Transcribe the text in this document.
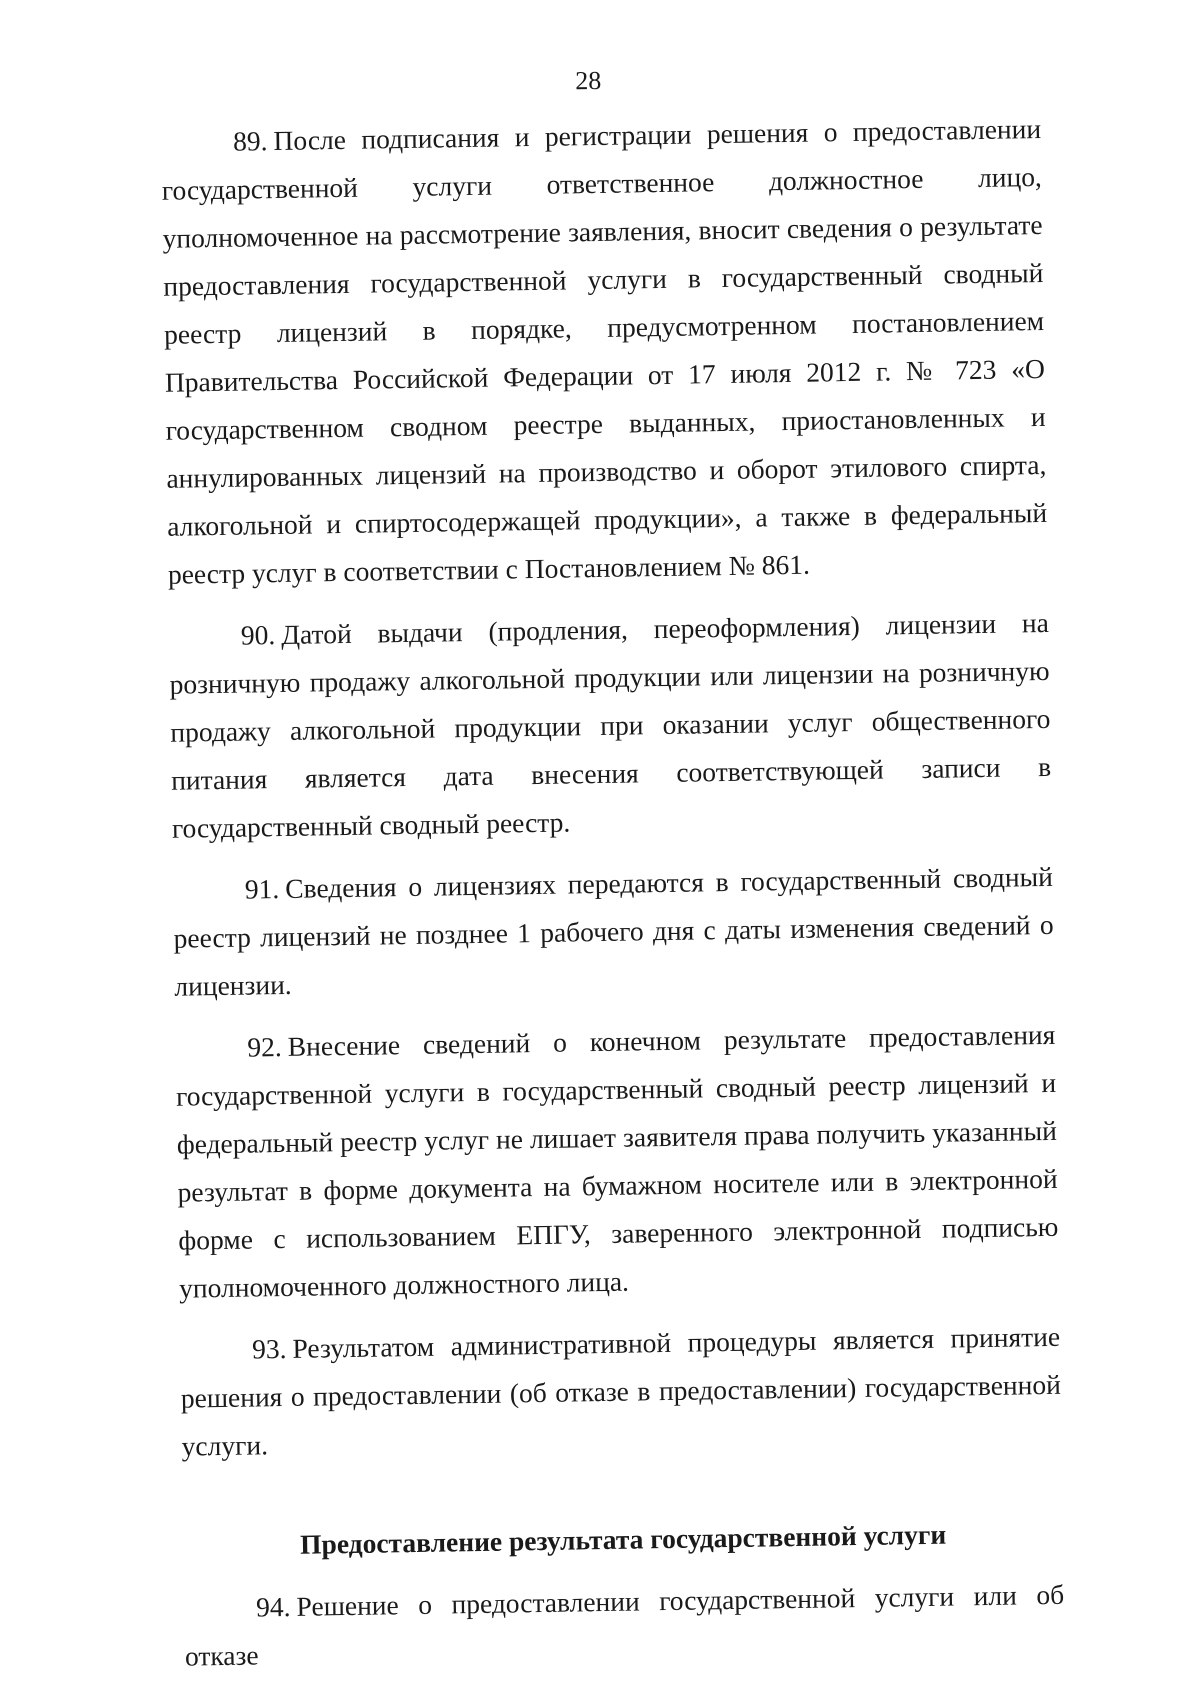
28

89. После подписания и регистрации решения о предоставлении государственной услуги ответственное должностное лицо, уполномоченное на рассмотрение заявления, вносит сведения о результате предоставления государственной услуги в государственный сводный реестр лицензий в порядке, предусмотренном постановлением Правительства Российской Федерации от 17 июля 2012 г. № 723 «О государственном сводном реестре выданных, приостановленных и аннулированных лицензий на производство и оборот этилового спирта, алкогольной и спиртосодержащей продукции», а также в федеральный реестр услуг в соответствии с Постановлением № 861.

90. Датой выдачи (продления, переоформления) лицензии на розничную продажу алкогольной продукции или лицензии на розничную продажу алкогольной продукции при оказании услуг общественного питания является дата внесения соответствующей записи в государственный сводный реестр.

91. Сведения о лицензиях передаются в государственный сводный реестр лицензий не позднее 1 рабочего дня с даты изменения сведений о лицензии.

92. Внесение сведений о конечном результате предоставления государственной услуги в государственный сводный реестр лицензий и федеральный реестр услуг не лишает заявителя права получить указанный результат в форме документа на бумажном носителе или в электронной форме с использованием ЕПГУ, заверенного электронной подписью уполномоченного должностного лица.

93. Результатом административной процедуры является принятие решения о предоставлении (об отказе в предоставлении) государственной услуги.

Предоставление результата государственной услуги

94. Решение о предоставлении государственной услуги или об отказе
